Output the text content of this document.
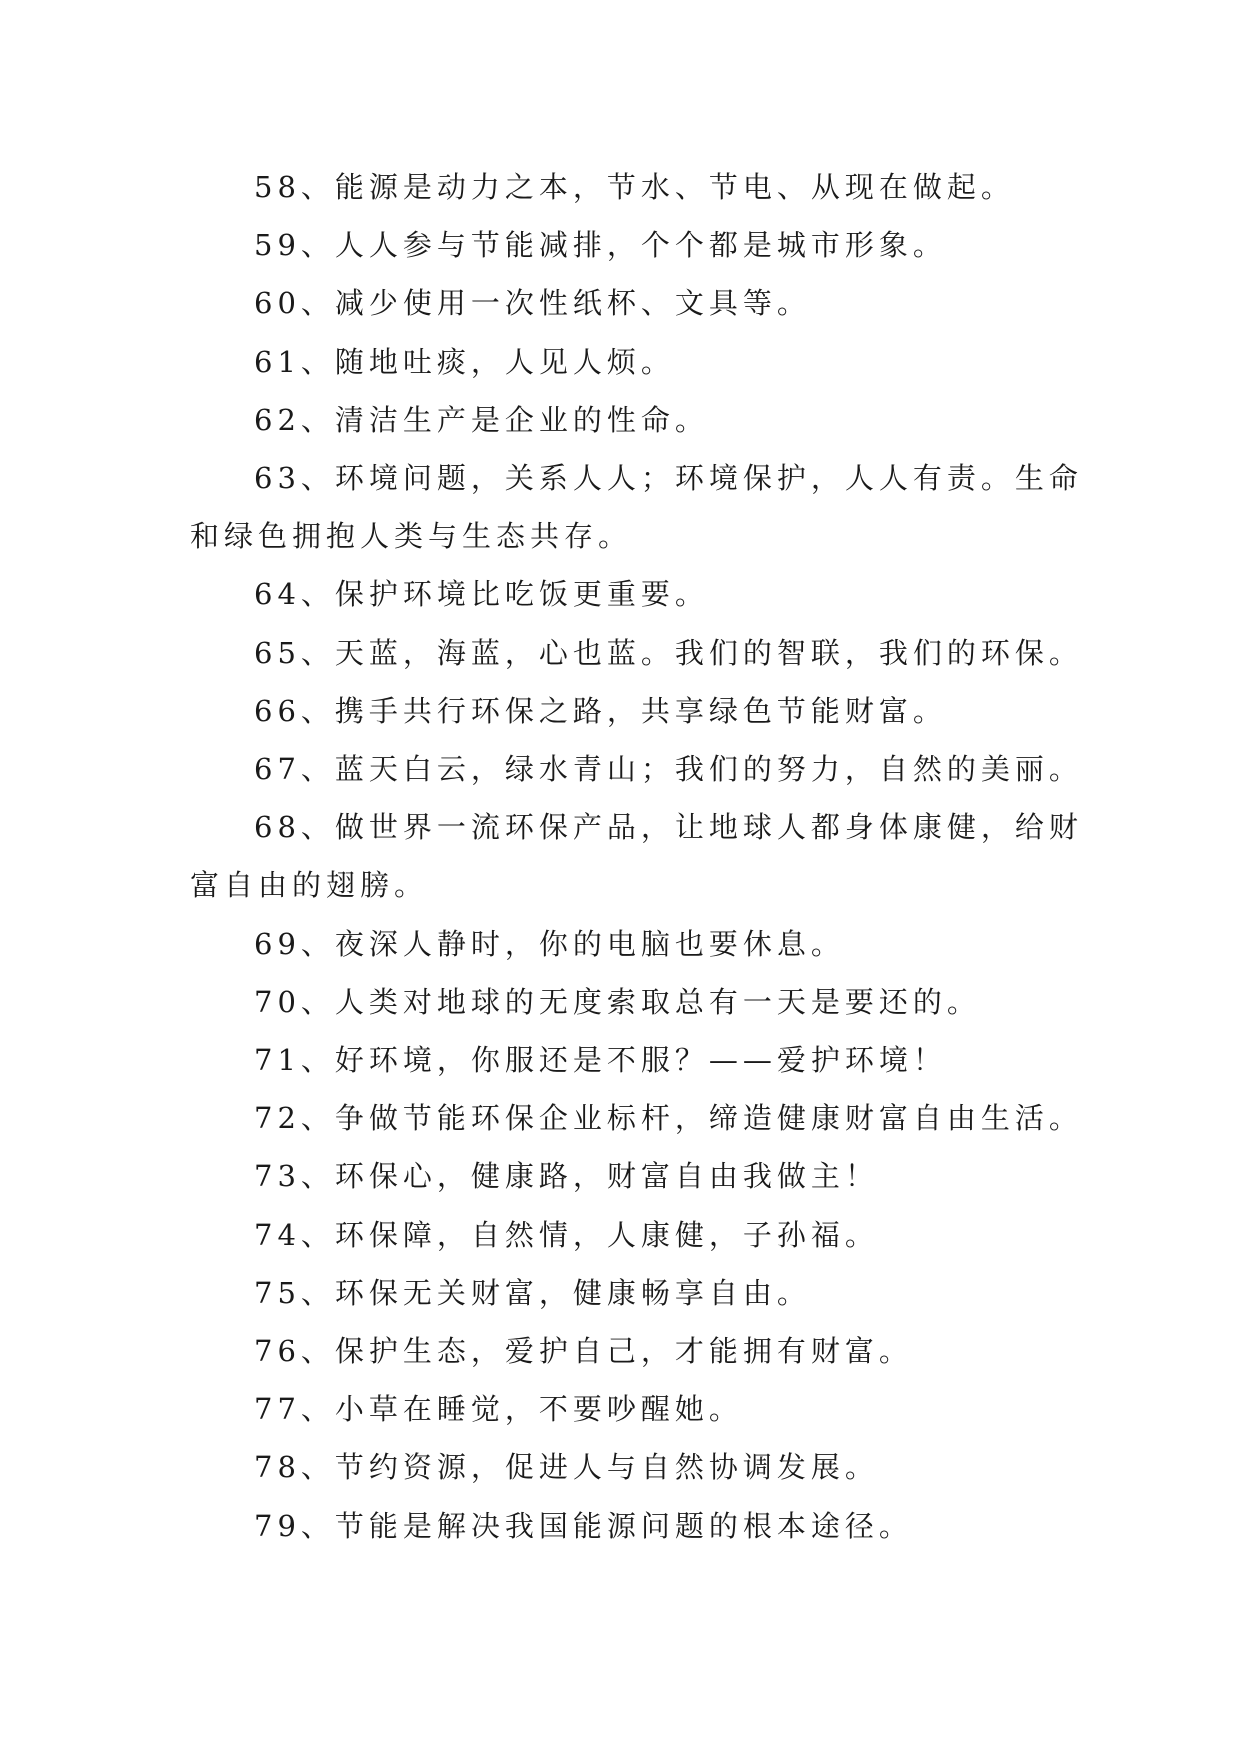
58、能源是动力之本，节水、节电、从现在做起。

59、人人参与节能减排，个个都是城市形象。

60、减少使用一次性纸杯、文具等。

61、随地吐痰，人见人烦。

62、清洁生产是企业的性命。

63、环境问题，关系人人；环境保护，人人有责。生命和绿色拥抱人类与生态共存。

64、保护环境比吃饭更重要。

65、天蓝，海蓝，心也蓝。我们的智联，我们的环保。

66、携手共行环保之路，共享绿色节能财富。

67、蓝天白云，绿水青山；我们的努力，自然的美丽。

68、做世界一流环保产品，让地球人都身体康健，给财富自由的翅膀。

69、夜深人静时，你的电脑也要休息。

70、人类对地球的无度索取总有一天是要还的。

71、好环境，你服还是不服？——爱护环境！

72、争做节能环保企业标杆，缔造健康财富自由生活。

73、环保心，健康路，财富自由我做主！

74、环保障，自然情，人康健，子孙福。

75、环保无关财富，健康畅享自由。

76、保护生态，爱护自己，才能拥有财富。

77、小草在睡觉，不要吵醒她。

78、节约资源，促进人与自然协调发展。

79、节能是解决我国能源问题的根本途径。
